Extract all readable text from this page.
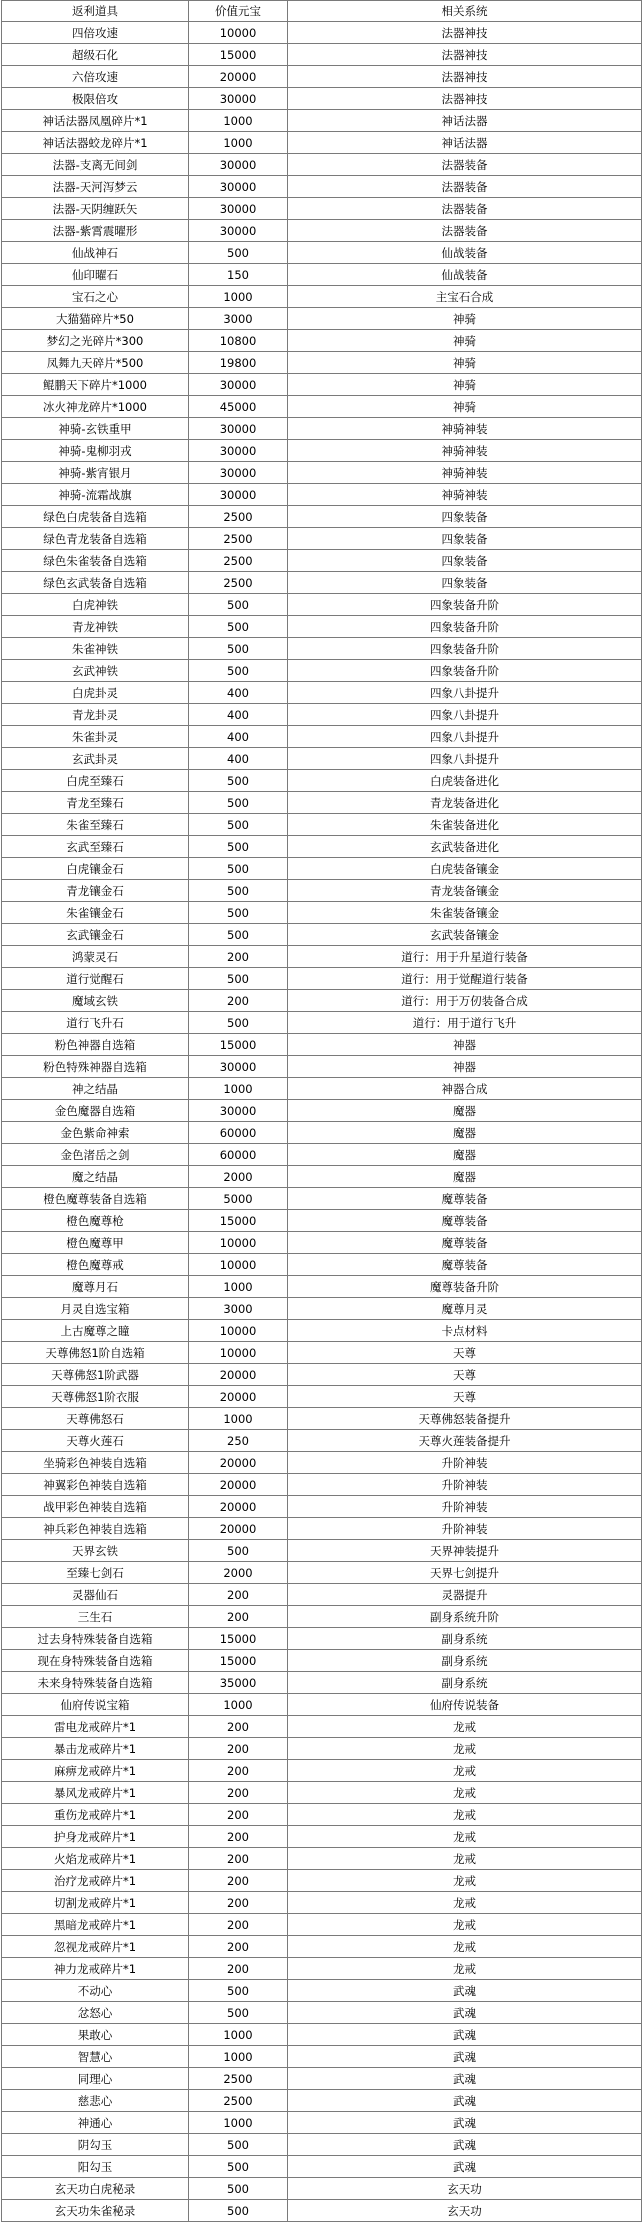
返利道具	价值元宝	相关系统
四倍攻速	10000	法器神技
超级石化	15000	法器神技
六倍攻速	20000	法器神技
极限倍攻	30000	法器神技
神话法器凤凰碎片*1	1000	神话法器
神话法器蛟龙碎片*1	1000	神话法器
法器-支离无间剑	30000	法器装备
法器-天河泻梦云	30000	法器装备
法器-天阴缠跃矢	30000	法器装备
法器-紫霄震曜形	30000	法器装备
仙战神石	500	仙战装备
仙印曜石	150	仙战装备
宝石之心	1000	主宝石合成
大猫猫碎片*50	3000	神骑
梦幻之光碎片*300	10800	神骑
凤舞九天碎片*500	19800	神骑
鲲鹏天下碎片*1000	30000	神骑
冰火神龙碎片*1000	45000	神骑
神骑-玄铁重甲	30000	神骑神装
神骑-鬼柳羽戎	30000	神骑神装
神骑-紫宵银月	30000	神骑神装
神骑-流霜战旗	30000	神骑神装
绿色白虎装备自选箱	2500	四象装备
绿色青龙装备自选箱	2500	四象装备
绿色朱雀装备自选箱	2500	四象装备
绿色玄武装备自选箱	2500	四象装备
白虎神铁	500	四象装备升阶
青龙神铁	500	四象装备升阶
朱雀神铁	500	四象装备升阶
玄武神铁	500	四象装备升阶
白虎卦灵	400	四象八卦提升
青龙卦灵	400	四象八卦提升
朱雀卦灵	400	四象八卦提升
玄武卦灵	400	四象八卦提升
白虎至臻石	500	白虎装备进化
青龙至臻石	500	青龙装备进化
朱雀至臻石	500	朱雀装备进化
玄武至臻石	500	玄武装备进化
白虎镶金石	500	白虎装备镶金
青龙镶金石	500	青龙装备镶金
朱雀镶金石	500	朱雀装备镶金
玄武镶金石	500	玄武装备镶金
鸿蒙灵石	200	道行：用于升星道行装备
道行觉醒石	500	道行：用于觉醒道行装备
魔域玄铁	200	道行：用于万仞装备合成
道行飞升石	500	道行：用于道行飞升
粉色神器自选箱	15000	神器
粉色特殊神器自选箱	30000	神器
神之结晶	1000	神器合成
金色魔器自选箱	30000	魔器
金色紫命神索	60000	魔器
金色渚岳之剑	60000	魔器
魔之结晶	2000	魔器
橙色魔尊装备自选箱	5000	魔尊装备
橙色魔尊枪	15000	魔尊装备
橙色魔尊甲	10000	魔尊装备
橙色魔尊戒	10000	魔尊装备
魔尊月石	1000	魔尊装备升阶
月灵自选宝箱	3000	魔尊月灵
上古魔尊之瞳	10000	卡点材料
天尊佛怒1阶自选箱	10000	天尊
天尊佛怒1阶武器	20000	天尊
天尊佛怒1阶衣服	20000	天尊
天尊佛怒石	1000	天尊佛怒装备提升
天尊火莲石	250	天尊火莲装备提升
坐骑彩色神装自选箱	20000	升阶神装
神翼彩色神装自选箱	20000	升阶神装
战甲彩色神装自选箱	20000	升阶神装
神兵彩色神装自选箱	20000	升阶神装
天界玄铁	500	天界神装提升
至臻七剑石	2000	天界七剑提升
灵器仙石	200	灵器提升
三生石	200	副身系统升阶
过去身特殊装备自选箱	15000	副身系统
现在身特殊装备自选箱	15000	副身系统
未来身特殊装备自选箱	35000	副身系统
仙府传说宝箱	1000	仙府传说装备
雷电龙戒碎片*1	200	龙戒
暴击龙戒碎片*1	200	龙戒
麻痹龙戒碎片*1	200	龙戒
暴风龙戒碎片*1	200	龙戒
重伤龙戒碎片*1	200	龙戒
护身龙戒碎片*1	200	龙戒
火焰龙戒碎片*1	200	龙戒
治疗龙戒碎片*1	200	龙戒
切割龙戒碎片*1	200	龙戒
黑暗龙戒碎片*1	200	龙戒
忽视龙戒碎片*1	200	龙戒
神力龙戒碎片*1	200	龙戒
不动心	500	武魂
忿怒心	500	武魂
果敢心	1000	武魂
智慧心	1000	武魂
同理心	2500	武魂
慈悲心	2500	武魂
神通心	1000	武魂
阴勾玉	500	武魂
阳勾玉	500	武魂
玄天功白虎秘录	500	玄天功
玄天功朱雀秘录	500	玄天功
